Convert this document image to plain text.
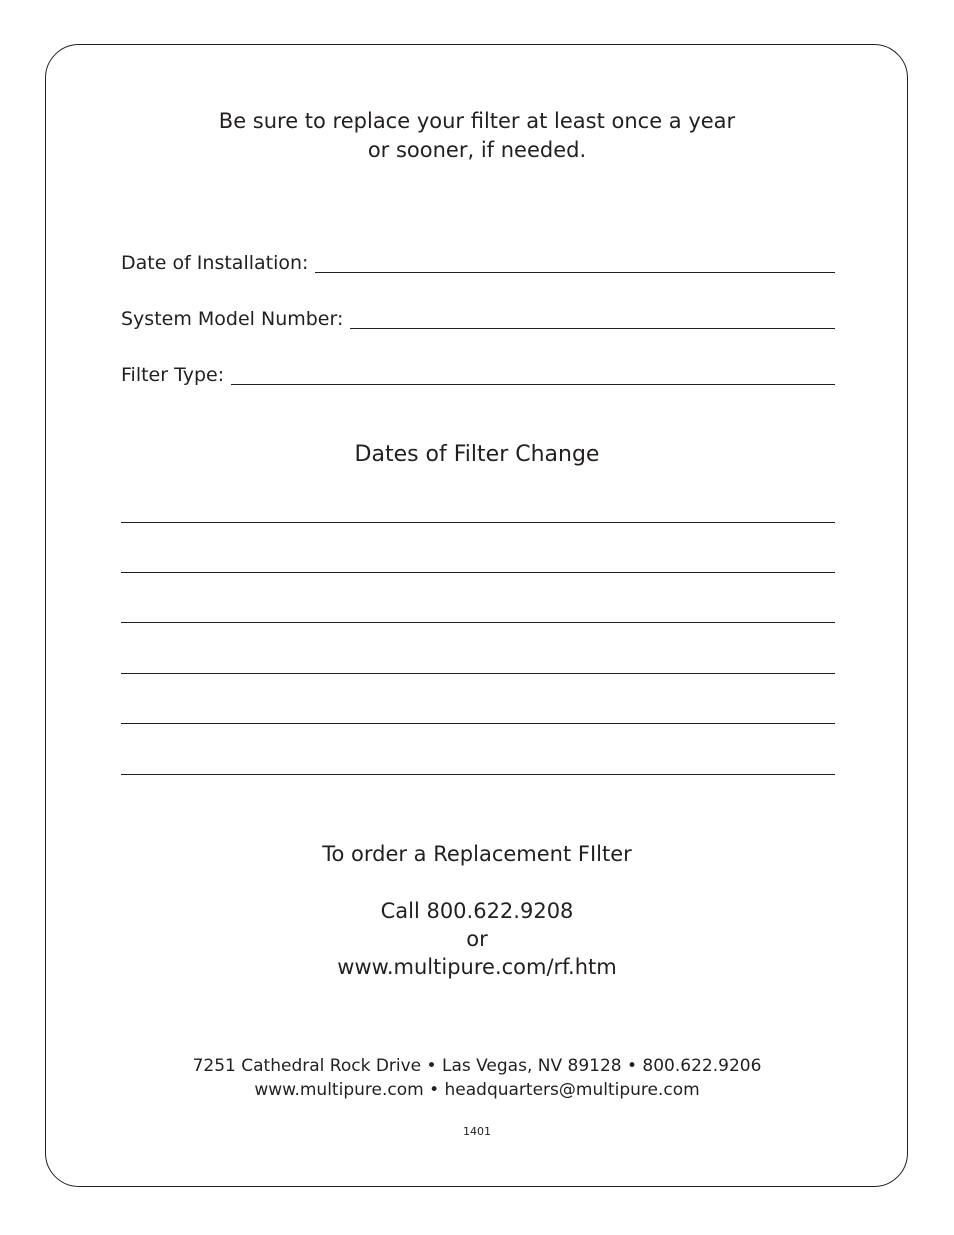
Be sure to replace your filter at least once a year
or sooner, if needed.
Date of Installation:
System Model Number:
Filter Type:
Dates of Filter Change
To order a Replacement FIlter
Call 800.622.9208
or
www.multipure.com/rf.htm
7251 Cathedral Rock Drive • Las Vegas, NV 89128 • 800.622.9206
www.multipure.com • headquarters@multipure.com
1401
